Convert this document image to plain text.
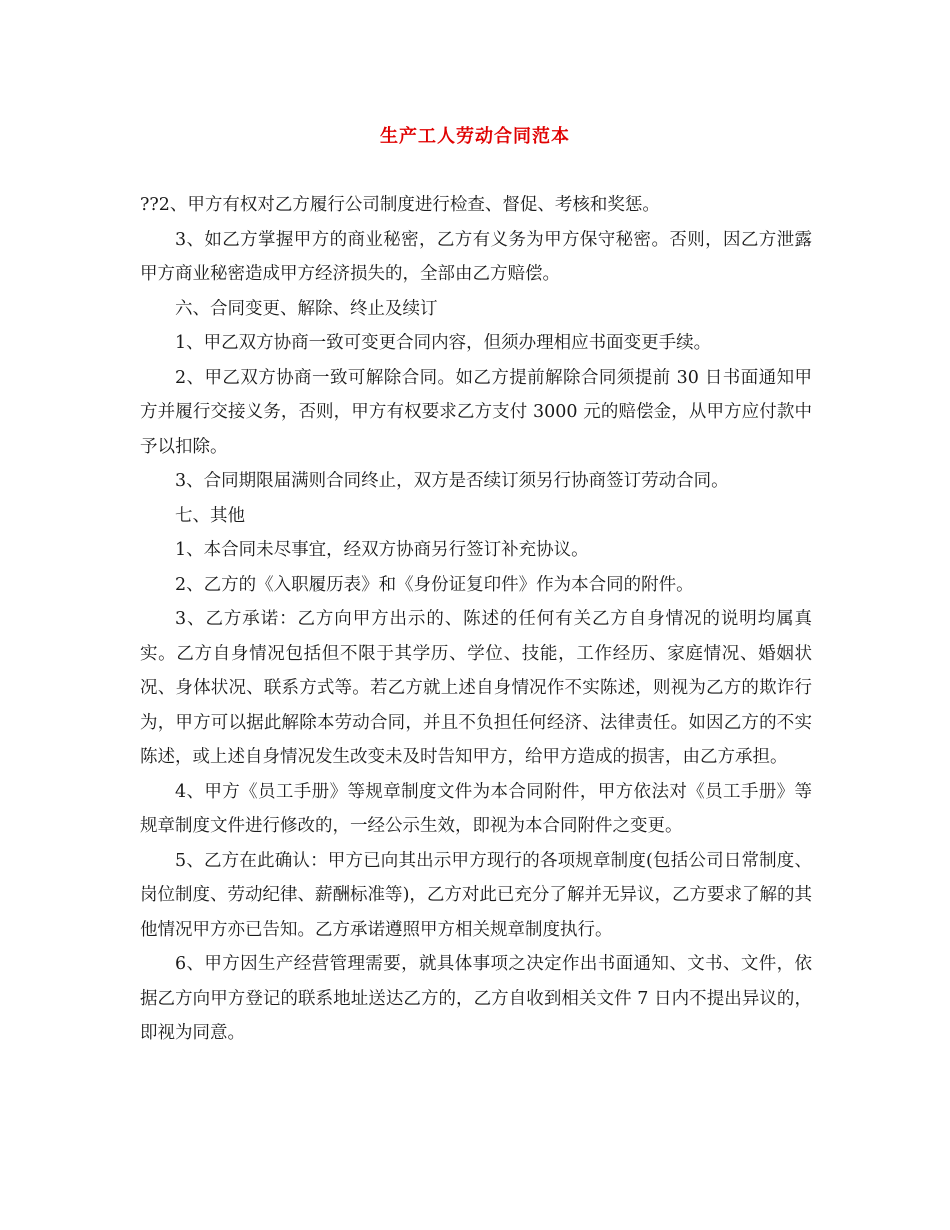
生产工人劳动合同范本

??2、甲方有权对乙方履行公司制度进行检查、督促、考核和奖惩。

3、如乙方掌握甲方的商业秘密，乙方有义务为甲方保守秘密。否则，因乙方泄露甲方商业秘密造成甲方经济损失的，全部由乙方赔偿。

六、合同变更、解除、终止及续订

1、甲乙双方协商一致可变更合同内容，但须办理相应书面变更手续。

2、甲乙双方协商一致可解除合同。如乙方提前解除合同须提前 30 日书面通知甲方并履行交接义务，否则，甲方有权要求乙方支付 3000 元的赔偿金，从甲方应付款中予以扣除。

3、合同期限届满则合同终止，双方是否续订须另行协商签订劳动合同。

七、其他

1、本合同未尽事宜，经双方协商另行签订补充协议。

2、乙方的《入职履历表》和《身份证复印件》作为本合同的附件。

3、乙方承诺：乙方向甲方出示的、陈述的任何有关乙方自身情况的说明均属真实。乙方自身情况包括但不限于其学历、学位、技能，工作经历、家庭情况、婚姻状况、身体状况、联系方式等。若乙方就上述自身情况作不实陈述，则视为乙方的欺诈行为，甲方可以据此解除本劳动合同，并且不负担任何经济、法律责任。如因乙方的不实陈述，或上述自身情况发生改变未及时告知甲方，给甲方造成的损害，由乙方承担。

4、甲方《员工手册》等规章制度文件为本合同附件，甲方依法对《员工手册》等规章制度文件进行修改的，一经公示生效，即视为本合同附件之变更。

5、乙方在此确认：甲方已向其出示甲方现行的各项规章制度(包括公司日常制度、岗位制度、劳动纪律、薪酬标准等)，乙方对此已充分了解并无异议，乙方要求了解的其他情况甲方亦已告知。乙方承诺遵照甲方相关规章制度执行。

6、甲方因生产经营管理需要，就具体事项之决定作出书面通知、文书、文件，依据乙方向甲方登记的联系地址送达乙方的，乙方自收到相关文件 7 日内不提出异议的，即视为同意。
